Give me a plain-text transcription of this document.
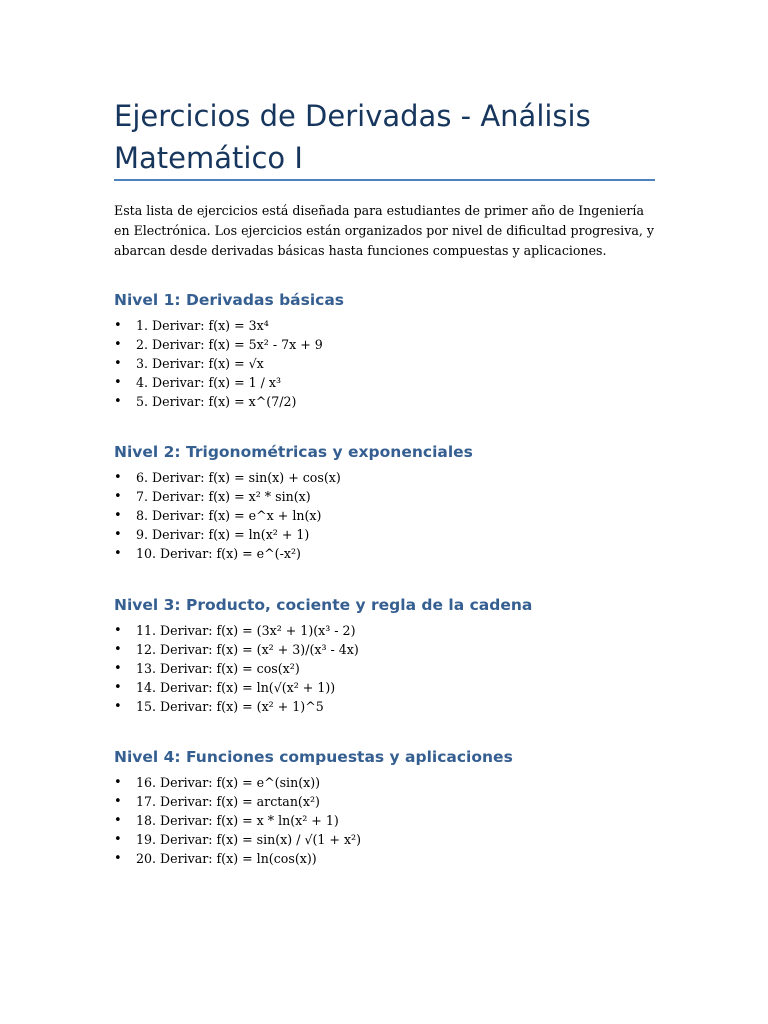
Ejercicios de Derivadas - Análisis Matemático I

Esta lista de ejercicios está diseñada para estudiantes de primer año de Ingeniería en Electrónica. Los ejercicios están organizados por nivel de dificultad progresiva, y abarcan desde derivadas básicas hasta funciones compuestas y aplicaciones.

Nivel 1: Derivadas básicas
• 1. Derivar: f(x) = 3x⁴
• 2. Derivar: f(x) = 5x² - 7x + 9
• 3. Derivar: f(x) = √x
• 4. Derivar: f(x) = 1 / x³
• 5. Derivar: f(x) = x^(7/2)
Nivel 2: Trigonométricas y exponenciales
• 6. Derivar: f(x) = sin(x) + cos(x)
• 7. Derivar: f(x) = x² * sin(x)
• 8. Derivar: f(x) = e^x + ln(x)
• 9. Derivar: f(x) = ln(x² + 1)
• 10. Derivar: f(x) = e^(-x²)
Nivel 3: Producto, cociente y regla de la cadena
• 11. Derivar: f(x) = (3x² + 1)(x³ - 2)
• 12. Derivar: f(x) = (x² + 3)/(x³ - 4x)
• 13. Derivar: f(x) = cos(x²)
• 14. Derivar: f(x) = ln(√(x² + 1))
• 15. Derivar: f(x) = (x² + 1)^5
Nivel 4: Funciones compuestas y aplicaciones
• 16. Derivar: f(x) = e^(sin(x))
• 17. Derivar: f(x) = arctan(x²)
• 18. Derivar: f(x) = x * ln(x² + 1)
• 19. Derivar: f(x) = sin(x) / √(1 + x²)
• 20. Derivar: f(x) = ln(cos(x))
